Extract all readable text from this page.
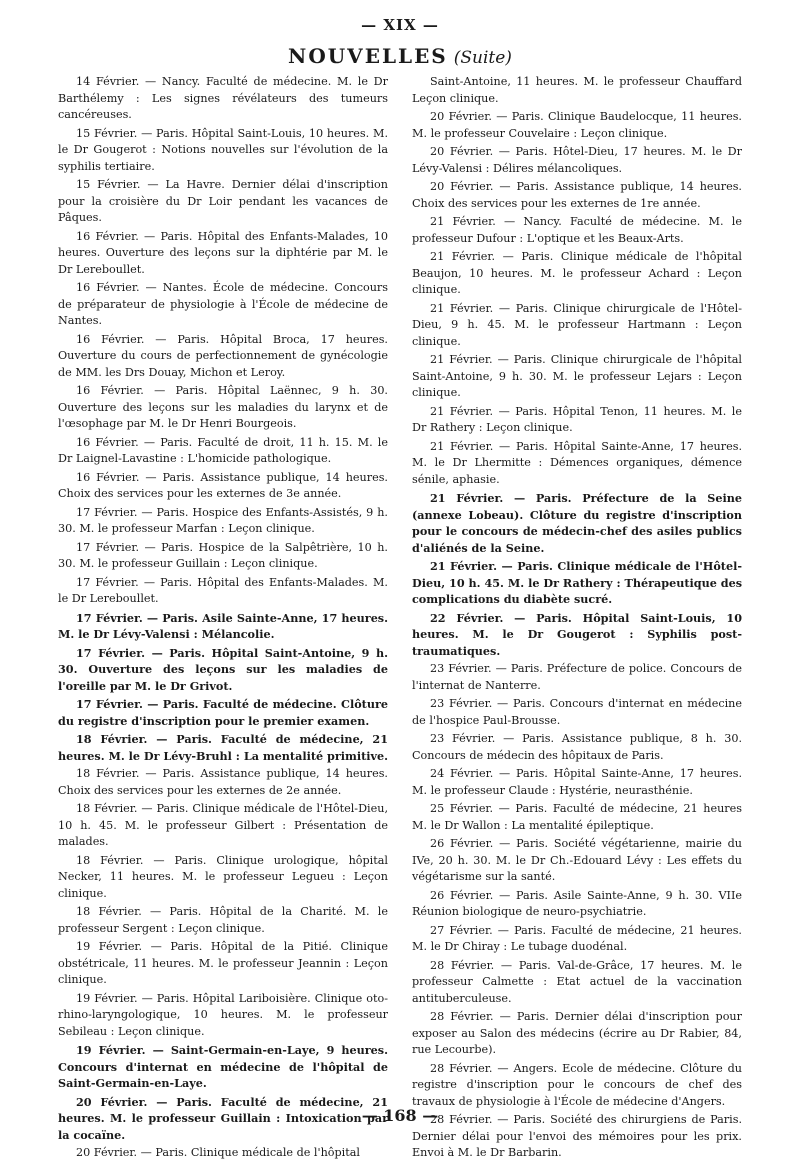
— XIX —
NOUVELLES (Suite)

14 Février. — Nancy. Faculté de médecine. M. le Dr Barthélemy : Les signes révélateurs des tumeurs cancéreuses.

15 Février. — Paris. Hôpital Saint-Louis, 10 heures. M. le Dr Gougerot : Notions nouvelles sur l'évolution de la syphilis tertiaire.

15 Février. — La Havre. Dernier délai d'inscription pour la croisière du Dr Loir pendant les vacances de Pâques.

16 Février. — Paris. Hôpital des Enfants-Malades, 10 heures. Ouverture des leçons sur la diphtérie par M. le Dr Lereboullet.

16 Février. — Nantes. École de médecine. Concours de préparateur de physiologie à l'École de médecine de Nantes.

16 Février. — Paris. Hôpital Broca, 17 heures. Ouverture du cours de perfectionnement de gynécologie de MM. les Drs Douay, Michon et Leroy.

16 Février. — Paris. Hôpital Laënnec, 9 h. 30. Ouverture des leçons sur les maladies du larynx et de l'œsophage par M. le Dr Henri Bourgeois.

16 Février. — Paris. Faculté de droit, 11 h. 15. M. le Dr Laignel-Lavastine : L'homicide pathologique.

16 Février. — Paris. Assistance publique, 14 heures. Choix des services pour les externes de 3e année.

17 Février. — Paris. Hospice des Enfants-Assistés, 9 h. 30. M. le professeur Marfan : Leçon clinique.

17 Février. — Paris. Hospice de la Salpêtrière, 10 h. 30. M. le professeur Guillain : Leçon clinique.

17 Février. — Paris. Hôpital des Enfants-Malades. M. le Dr Lereboullet.

17 Février. — Paris. Asile Sainte-Anne, 17 heures. M. le Dr Lévy-Valensi : Mélancolie.

17 Février. — Paris. Hôpital Saint-Antoine, 9 h. 30. Ouverture des leçons sur les maladies de l'oreille par M. le Dr Grivot.

17 Février. — Paris. Faculté de médecine. Clôture du registre d'inscription pour le premier examen.

18 Février. — Paris. Faculté de médecine, 21 heures. M. le Dr Lévy-Bruhl : La mentalité primitive.

18 Février. — Paris. Assistance publique, 14 heures. Choix des services pour les externes de 2e année.

18 Février. — Paris. Clinique médicale de l'Hôtel-Dieu, 10 h. 45. M. le professeur Gilbert : Présentation de malades.

18 Février. — Paris. Clinique urologique, hôpital Necker, 11 heures. M. le professeur Legueu : Leçon clinique.

18 Février. — Paris. Hôpital de la Charité. M. le professeur Sergent : Leçon clinique.

19 Février. — Paris. Hôpital de la Pitié. Clinique obstétricale, 11 heures. M. le professeur Jeannin : Leçon clinique.

19 Février. — Paris. Hôpital Lariboisière. Clinique oto-rhino-laryngologique, 10 heures. M. le professeur Sebileau : Leçon clinique.

19 Février. — Saint-Germain-en-Laye, 9 heures. Concours d'internat en médecine de l'hôpital de Saint-Germain-en-Laye.

20 Février. — Paris. Faculté de médecine, 21 heures. M. le professeur Guillain : Intoxication par la cocaïne.

20 Février. — Paris. Clinique médicale de l'hôpital

Saint-Antoine, 11 heures. M. le professeur Chauffard Leçon clinique.

20 Février. — Paris. Clinique Baudelocque, 11 heures. M. le professeur Couvelaire : Leçon clinique.

20 Février. — Paris. Hôtel-Dieu, 17 heures. M. le Dr Lévy-Valensi : Délires mélancoliques.

20 Février. — Paris. Assistance publique, 14 heures. Choix des services pour les externes de 1re année.

21 Février. — Nancy. Faculté de médecine. M. le professeur Dufour : L'optique et les Beaux-Arts.

21 Février. — Paris. Clinique médicale de l'hôpital Beaujon, 10 heures. M. le professeur Achard : Leçon clinique.

21 Février. — Paris. Clinique chirurgicale de l'Hôtel-Dieu, 9 h. 45. M. le professeur Hartmann : Leçon clinique.

21 Février. — Paris. Clinique chirurgicale de l'hôpital Saint-Antoine, 9 h. 30. M. le professeur Lejars : Leçon clinique.

21 Février. — Paris. Hôpital Tenon, 11 heures. M. le Dr Rathery : Leçon clinique.

21 Février. — Paris. Hôpital Sainte-Anne, 17 heures. M. le Dr Lhermitte : Démences organiques, démence sénile, aphasie.

21 Février. — Paris. Préfecture de la Seine (annexe Lobeau). Clôture du registre d'inscription pour le concours de médecin-chef des asiles publics d'aliénés de la Seine.

21 Février. — Paris. Clinique médicale de l'Hôtel-Dieu, 10 h. 45. M. le Dr Rathery : Thérapeutique des complications du diabète sucré.

22 Février. — Paris. Hôpital Saint-Louis, 10 heures. M. le Dr Gougerot : Syphilis post-traumatiques.

23 Février. — Paris. Préfecture de police. Concours de l'internat de Nanterre.

23 Février. — Paris. Concours d'internat en médecine de l'hospice Paul-Brousse.

23 Février. — Paris. Assistance publique, 8 h. 30. Concours de médecin des hôpitaux de Paris.

24 Février. — Paris. Hôpital Sainte-Anne, 17 heures. M. le professeur Claude : Hystérie, neurasthénie.

25 Février. — Paris. Faculté de médecine, 21 heures M. le Dr Wallon : La mentalité épileptique.

26 Février. — Paris. Société végétarienne, mairie du IVe, 20 h. 30. M. le Dr Ch.-Edouard Lévy : Les effets du végétarisme sur la santé.

26 Février. — Paris. Asile Sainte-Anne, 9 h. 30. VIIe Réunion biologique de neuro-psychiatrie.

27 Février. — Paris. Faculté de médecine, 21 heures. M. le Dr Chiray : Le tubage duodénal.

28 Février. — Paris. Val-de-Grâce, 17 heures. M. le professeur Calmette : Etat actuel de la vaccination antituberculeuse.

28 Février. — Paris. Dernier délai d'inscription pour exposer au Salon des médecins (écrire au Dr Rabier, 84, rue Lecourbe).

28 Février. — Angers. Ecole de médecine. Clôture du registre d'inscription pour le concours de chef des travaux de physiologie à l'École de médecine d'Angers.

28 Février. — Paris. Société des chirurgiens de Paris. Dernier délai pour l'envoi des mémoires pour les prix. Envoi à M. le Dr Barbarin.

— 168 —
